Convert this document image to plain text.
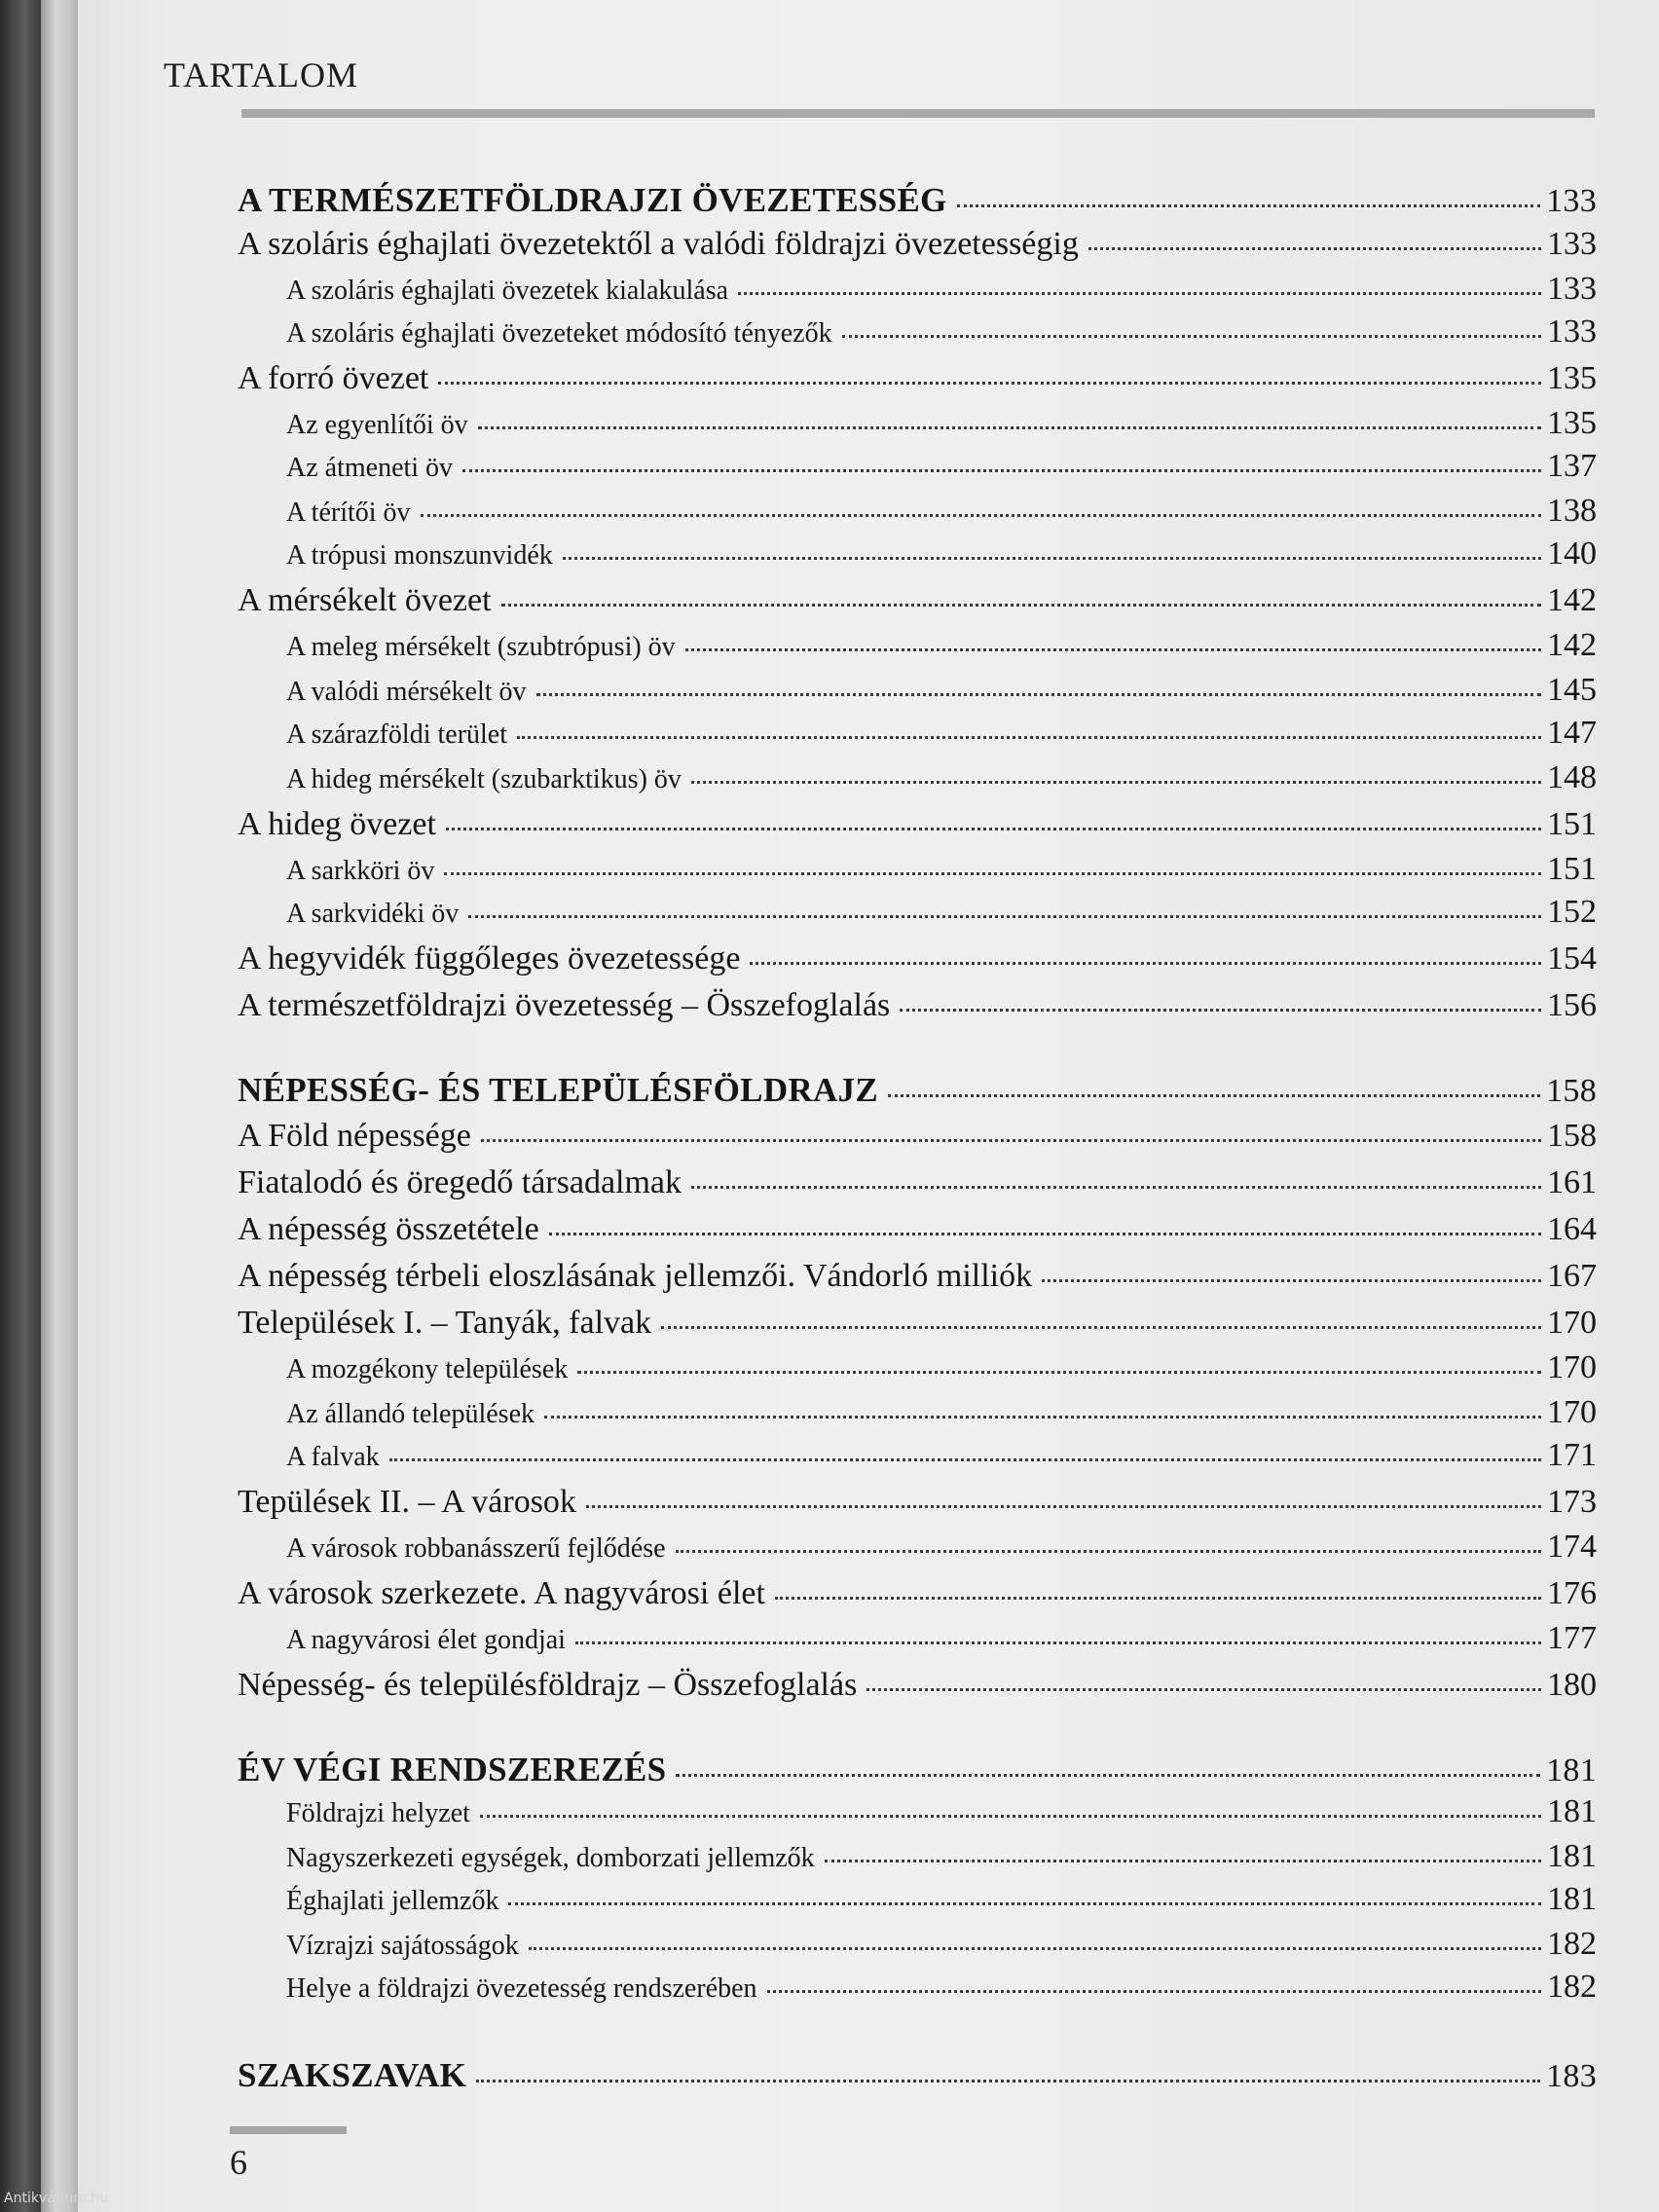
TARTALOM
A TERMÉSZETFÖLDRAJZI ÖVEZETESSÉG	133
A szoláris éghajlati övezetektől a valódi földrajzi övezetességig	133
A szoláris éghajlati övezetek kialakulása	133
A szoláris éghajlati övezeteket módosító tényezők	133
A forró övezet	135
Az egyenlítői öv	135
Az átmeneti öv	137
A térítői öv	138
A trópusi monszunvidék	140
A mérsékelt övezet	142
A meleg mérsékelt (szubtrópusi) öv	142
A valódi mérsékelt öv	145
A szárazföldi terület	147
A hideg mérsékelt (szubarktikus) öv	148
A hideg övezet	151
A sarkköri öv	151
A sarkvidéki öv	152
A hegyvidék függőleges övezetessége	154
A természetföldrajzi övezetesség – Összefoglalás	156
NÉPESSÉG- ÉS TELEPÜLÉSFÖLDRAJZ	158
A Föld népessége	158
Fiatalodó és öregedő társadalmak	161
A népesség összetétele	164
A népesség térbeli eloszlásának jellemzői. Vándorló milliók	167
Települések I. – Tanyák, falvak	170
A mozgékony települések	170
Az állandó települések	170
A falvak	171
Tepülések II. – A városok	173
A városok robbanásszerű fejlődése	174
A városok szerkezete. A nagyvárosi élet	176
A nagyvárosi élet gondjai	177
Népesség- és településföldrajz – Összefoglalás	180
ÉV VÉGI RENDSZEREZÉS	181
Földrajzi helyzet	181
Nagyszerkezeti egységek, domborzati jellemzők	181
Éghajlati jellemzők	181
Vízrajzi sajátosságok	182
Helye a földrajzi övezetesség rendszerében	182
SZAKSZAVAK	183
6
Antikvárium.hu
